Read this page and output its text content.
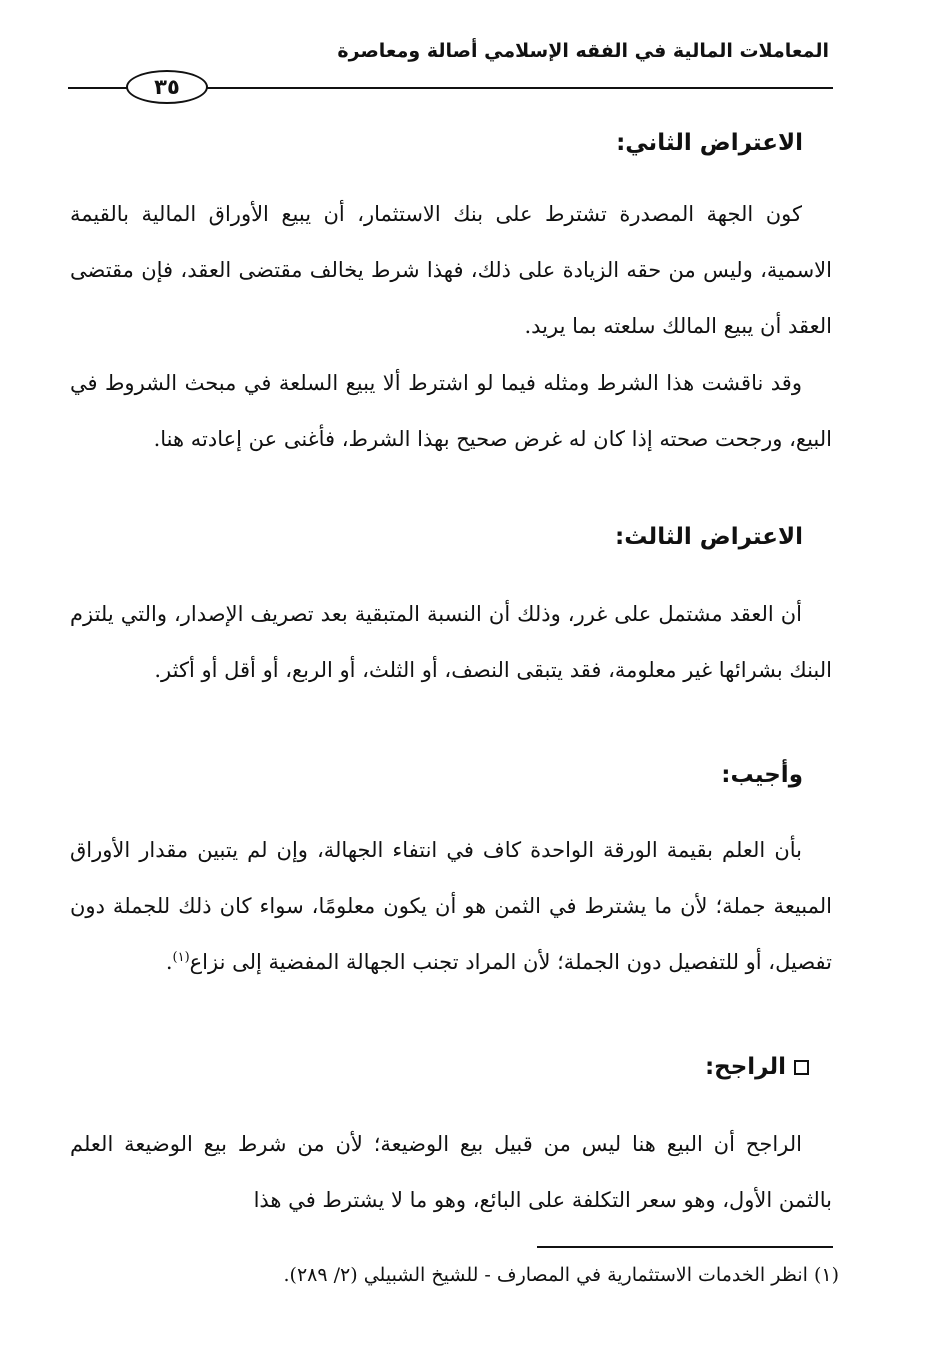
المعاملات المالية في الفقه الإسلامي أصالة ومعاصرة
٣٥
الاعتراض الثاني:

كون الجهة المصدرة تشترط على بنك الاستثمار، أن يبيع الأوراق المالية بالقيمة الاسمية، وليس من حقه الزيادة على ذلك، فهذا شرط يخالف مقتضى العقد، فإن مقتضى العقد أن يبيع المالك سلعته بما يريد.

وقد ناقشت هذا الشرط ومثله فيما لو اشترط ألا يبيع السلعة في مبحث الشروط في البيع، ورجحت صحته إذا كان له غرض صحيح بهذا الشرط، فأغنى عن إعادته هنا.

الاعتراض الثالث:

أن العقد مشتمل على غرر، وذلك أن النسبة المتبقية بعد تصريف الإصدار، والتي يلتزم البنك بشرائها غير معلومة، فقد يتبقى النصف، أو الثلث، أو الربع، أو أقل أو أكثر.

وأجيب:

بأن العلم بقيمة الورقة الواحدة كاف في انتفاء الجهالة، وإن لم يتبين مقدار الأوراق المبيعة جملة؛ لأن ما يشترط في الثمن هو أن يكون معلومًا، سواء كان ذلك للجملة دون تفصيل، أو للتفصيل دون الجملة؛ لأن المراد تجنب الجهالة المفضية إلى نزاع$^{(١)}$.

الراجح:

الراجح أن البيع هنا ليس من قبيل بيع الوضيعة؛ لأن من شرط بيع الوضيعة العلم بالثمن الأول، وهو سعر التكلفة على البائع، وهو ما لا يشترط في هذا

(١) انظر الخدمات الاستثمارية في المصارف - للشيخ الشبيلي (٢/ ٢٨٩).
